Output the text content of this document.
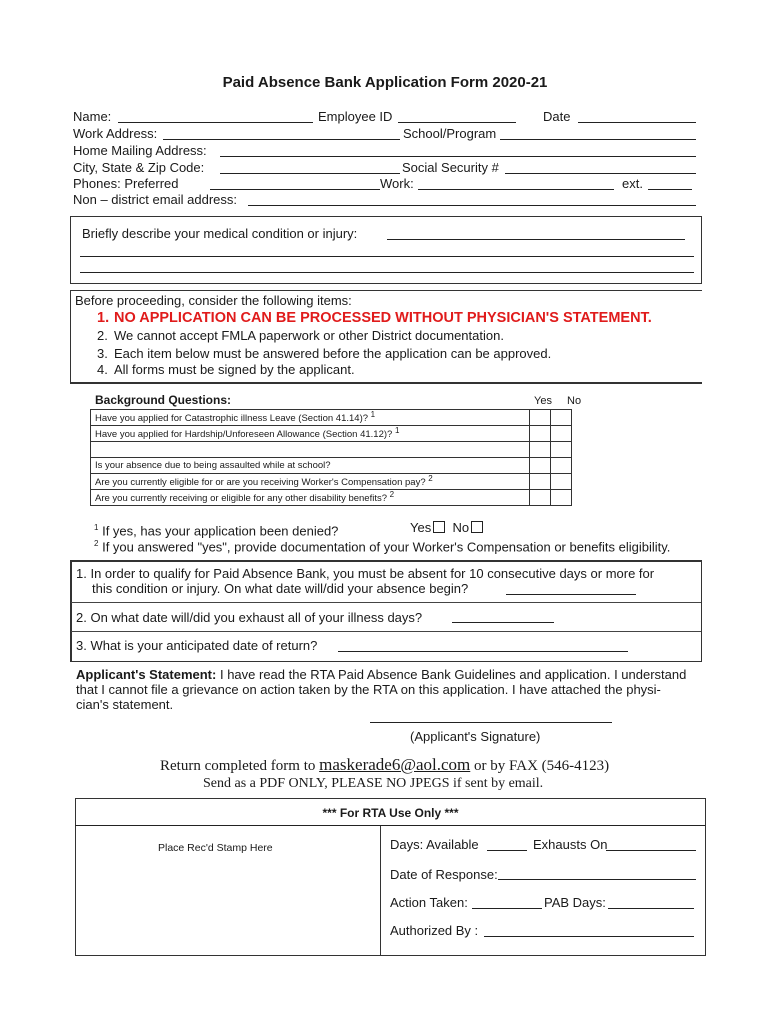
Paid Absence Bank Application Form 2020-21
Name:	Employee ID	Date
Work Address:	School/Program
Home Mailing Address:
City, State & Zip Code:	Social Security #
Phones: Preferred	Work:	ext.
Non – district email address:
Briefly describe your medical condition or injury:
Before proceeding, consider the following items:
1. NO APPLICATION CAN BE PROCESSED WITHOUT PHYSICIAN'S STATEMENT.
2. We cannot accept FMLA paperwork or other District documentation.
3. Each item below must be answered before the application can be approved.
4. All forms must be signed by the applicant.
Background Questions:	Yes No
Have you applied for Catastrophic illness Leave (Section 41.14)? $^1$		
Have you applied for Hardship/Unforeseen Allowance (Section 41.12)? $^1$		

Is your absence due to being assaulted while at school?		
Are you currently eligible for or are you receiving Worker's Compensation pay? $^2$		
Are you currently receiving or eligible for any other disability benefits? $^2$		
$^1$ If yes, has your application been denied?	Yes No
$^2$ If you answered "yes", provide documentation of your Worker's Compensation or benefits eligibility.
1. In order to qualify for Paid Absence Bank, you must be absent for 10 consecutive days or more for
this condition or injury. On what date will/did your absence begin?
2. On what date will/did you exhaust all of your illness days?
3. What is your anticipated date of return?
Applicant's Statement: I have read the RTA Paid Absence Bank Guidelines and application. I understand
that I cannot file a grievance on action taken by the RTA on this application. I have attached the physi-
cian's statement.
(Applicant's Signature)
Return completed form to maskerade6@aol.com or by FAX (546-4123)
Send as a PDF ONLY, PLEASE NO JPEGS if sent by email.
*** For RTA Use Only ***
Place Rec'd Stamp Here	Days: Available	Exhausts On
Date of Response:
Action Taken:	PAB Days:
Authorized By :
